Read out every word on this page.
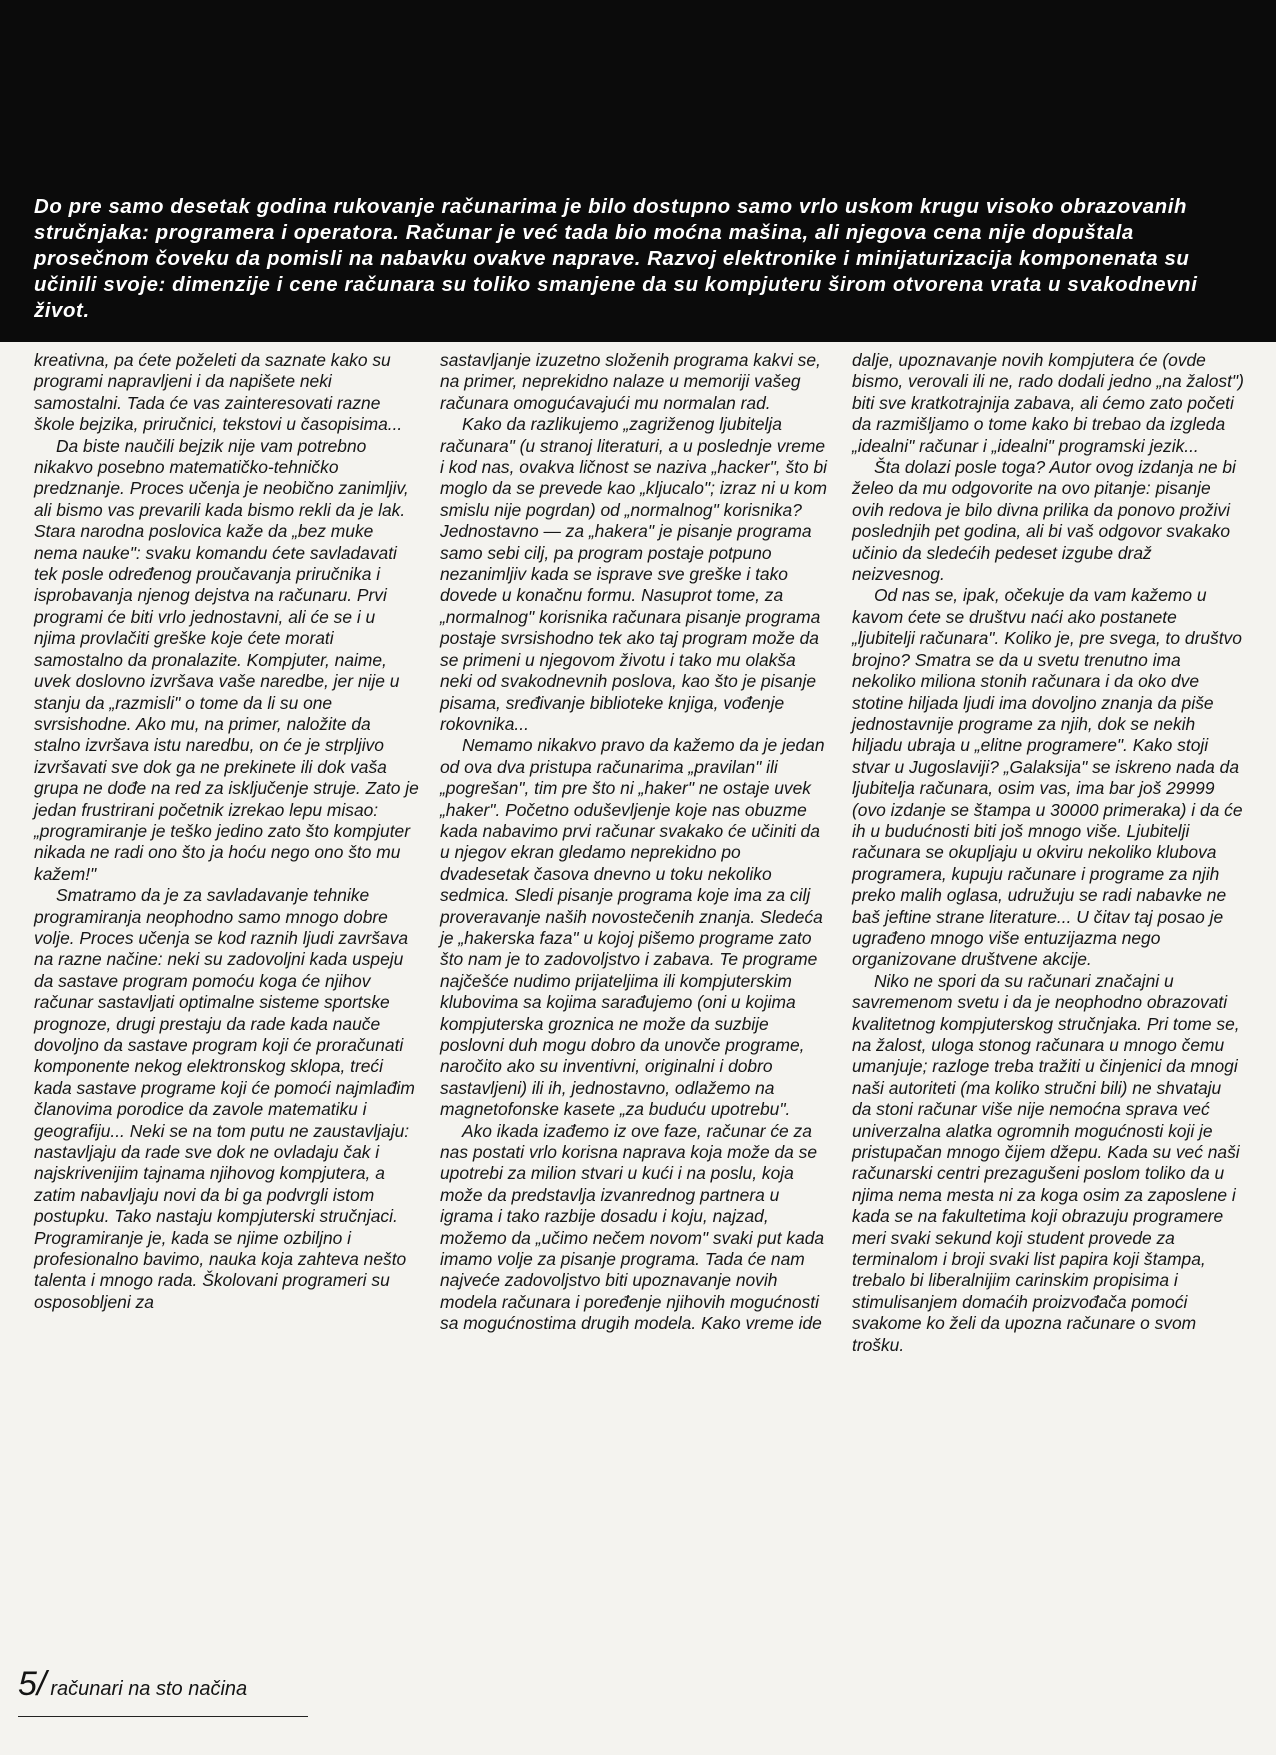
Do pre samo desetak godina rukovanje računarima je bilo dostupno samo vrlo uskom krugu visoko obrazovanih stručnjaka: programera i operatora. Računar je već tada bio moćna mašina, ali njegova cena nije dopuštala prosečnom čoveku da pomisli na nabavku ovakve naprave. Razvoj elektronike i minijaturizacija komponenata su učinili svoje: dimenzije i cene računara su toliko smanjene da su kompjuteru širom otvorena vrata u svakodnevni život.

kreativna, pa ćete poželeti da saznate kako su programi napravljeni i da napišete neki samostalni. Tada će vas zainteresovati razne škole bejzika, priručnici, tekstovi u časopisima...

Da biste naučili bejzik nije vam potrebno nikakvo posebno matematičko-tehničko predznanje. Proces učenja je neobično zanimljiv, ali bismo vas prevarili kada bismo rekli da je lak. Stara narodna poslovica kaže da „bez muke nema nauke": svaku komandu ćete savladavati tek posle određenog proučavanja priručnika i isprobavanja njenog dejstva na računaru. Prvi programi će biti vrlo jednostavni, ali će se i u njima provlačiti greške koje ćete morati samostalno da pronalazite. Kompjuter, naime, uvek doslovno izvršava vaše naredbe, jer nije u stanju da „razmisli" o tome da li su one svrsishodne. Ako mu, na primer, naložite da stalno izvršava istu naredbu, on će je strpljivo izvršavati sve dok ga ne prekinete ili dok vaša grupa ne dođe na red za isključenje struje. Zato je jedan frustrirani početnik izrekao lepu misao: „programiranje je teško jedino zato što kompjuter nikada ne radi ono što ja hoću nego ono što mu kažem!"

Smatramo da je za savladavanje tehnike programiranja neophodno samo mnogo dobre volje. Proces učenja se kod raznih ljudi završava na razne načine: neki su zadovoljni kada uspeju da sastave program pomoću koga će njihov računar sastavljati optimalne sisteme sportske prognoze, drugi prestaju da rade kada nauče dovoljno da sastave program koji će proračunati komponente nekog elektronskog sklopa, treći kada sastave programe koji će pomoći najmlađim članovima porodice da zavole matematiku i geografiju... Neki se na tom putu ne zaustavljaju: nastavljaju da rade sve dok ne ovladaju čak i najskrivenijim tajnama njihovog kompjutera, a zatim nabavljaju novi da bi ga podvrgli istom postupku. Tako nastaju kompjuterski stručnjaci. Programiranje je, kada se njime ozbiljno i profesionalno bavimo, nauka koja zahteva nešto talenta i mnogo rada. Školovani programeri su osposobljeni za

sastavljanje izuzetno složenih programa kakvi se, na primer, neprekidno nalaze u memoriji vašeg računara omogućavajući mu normalan rad.

Kako da razlikujemo „zagriženog ljubitelja računara" (u stranoj literaturi, a u poslednje vreme i kod nas, ovakva ličnost se naziva „hacker", što bi moglo da se prevede kao „kljucalo"; izraz ni u kom smislu nije pogrdan) od „normalnog" korisnika? Jednostavno — za „hakera" je pisanje programa samo sebi cilj, pa program postaje potpuno nezanimljiv kada se isprave sve greške i tako dovede u konačnu formu. Nasuprot tome, za „normalnog" korisnika računara pisanje programa postaje svrsishodno tek ako taj program može da se primeni u njegovom životu i tako mu olakša neki od svakodnevnih poslova, kao što je pisanje pisama, sređivanje biblioteke knjiga, vođenje rokovnika...

Nemamo nikakvo pravo da kažemo da je jedan od ova dva pristupa računarima „pravilan" ili „pogrešan", tim pre što ni „haker" ne ostaje uvek „haker". Početno oduševljenje koje nas obuzme kada nabavimo prvi računar svakako će učiniti da u njegov ekran gledamo neprekidno po dvadesetak časova dnevno u toku nekoliko sedmica. Sledi pisanje programa koje ima za cilj proveravanje naših novostečenih znanja. Sledeća je „hakerska faza" u kojoj pišemo programe zato što nam je to zadovoljstvo i zabava. Te programe najčešće nudimo prijateljima ili kompjuterskim klubovima sa kojima sarađujemo (oni u kojima kompjuterska groznica ne može da suzbije poslovni duh mogu dobro da unovče programe, naročito ako su inventivni, originalni i dobro sastavljeni) ili ih, jednostavno, odlažemo na magnetofonske kasete „za buduću upotrebu".

Ako ikada izađemo iz ove faze, računar će za nas postati vrlo korisna naprava koja može da se upotrebi za milion stvari u kući i na poslu, koja može da predstavlja izvanrednog partnera u igrama i tako razbije dosadu i koju, najzad, možemo da „učimo nečem novom" svaki put kada imamo volje za pisanje programa. Tada će nam najveće zadovoljstvo biti upoznavanje novih modela računara i poređenje njihovih mogućnosti sa mogućnostima drugih modela. Kako vreme ide

dalje, upoznavanje novih kompjutera će (ovde bismo, verovali ili ne, rado dodali jedno „na žalost") biti sve kratkotrajnija zabava, ali ćemo zato početi da razmišljamo o tome kako bi trebao da izgleda „idealni" računar i „idealni" programski jezik...

Šta dolazi posle toga? Autor ovog izdanja ne bi želeo da mu odgovorite na ovo pitanje: pisanje ovih redova je bilo divna prilika da ponovo proživi poslednjih pet godina, ali bi vaš odgovor svakako učinio da sledećih pedeset izgube draž neizvesnog.

Od nas se, ipak, očekuje da vam kažemo u kavom ćete se društvu naći ako postanete „ljubitelji računara". Koliko je, pre svega, to društvo brojno? Smatra se da u svetu trenutno ima nekoliko miliona stonih računara i da oko dve stotine hiljada ljudi ima dovoljno znanja da piše jednostavnije programe za njih, dok se nekih hiljadu ubraja u „elitne programere". Kako stoji stvar u Jugoslaviji? „Galaksija" se iskreno nada da ljubitelja računara, osim vas, ima bar još 29999 (ovo izdanje se štampa u 30000 primeraka) i da će ih u budućnosti biti još mnogo više. Ljubitelji računara se okupljaju u okviru nekoliko klubova programera, kupuju računare i programe za njih preko malih oglasa, udružuju se radi nabavke ne baš jeftine strane literature... U čitav taj posao je ugrađeno mnogo više entuzijazma nego organizovane društvene akcije.

Niko ne spori da su računari značajni u savremenom svetu i da je neophodno obrazovati kvalitetnog kompjuterskog stručnjaka. Pri tome se, na žalost, uloga stonog računara u mnogo čemu umanjuje; razloge treba tražiti u činjenici da mnogi naši autoriteti (ma koliko stručni bili) ne shvataju da stoni računar više nije nemoćna sprava već univerzalna alatka ogromnih mogućnosti koji je pristupačan mnogo čijem džepu. Kada su već naši računarski centri prezagušeni poslom toliko da u njima nema mesta ni za koga osim za zaposlene i kada se na fakultetima koji obrazuju programere meri svaki sekund koji student provede za terminalom i broji svaki list papira koji štampa, trebalo bi liberalnijim carinskim propisima i stimulisanjem domaćih proizvođača pomoći svakome ko želi da upozna računare o svom trošku.

5/ računari na sto načina
